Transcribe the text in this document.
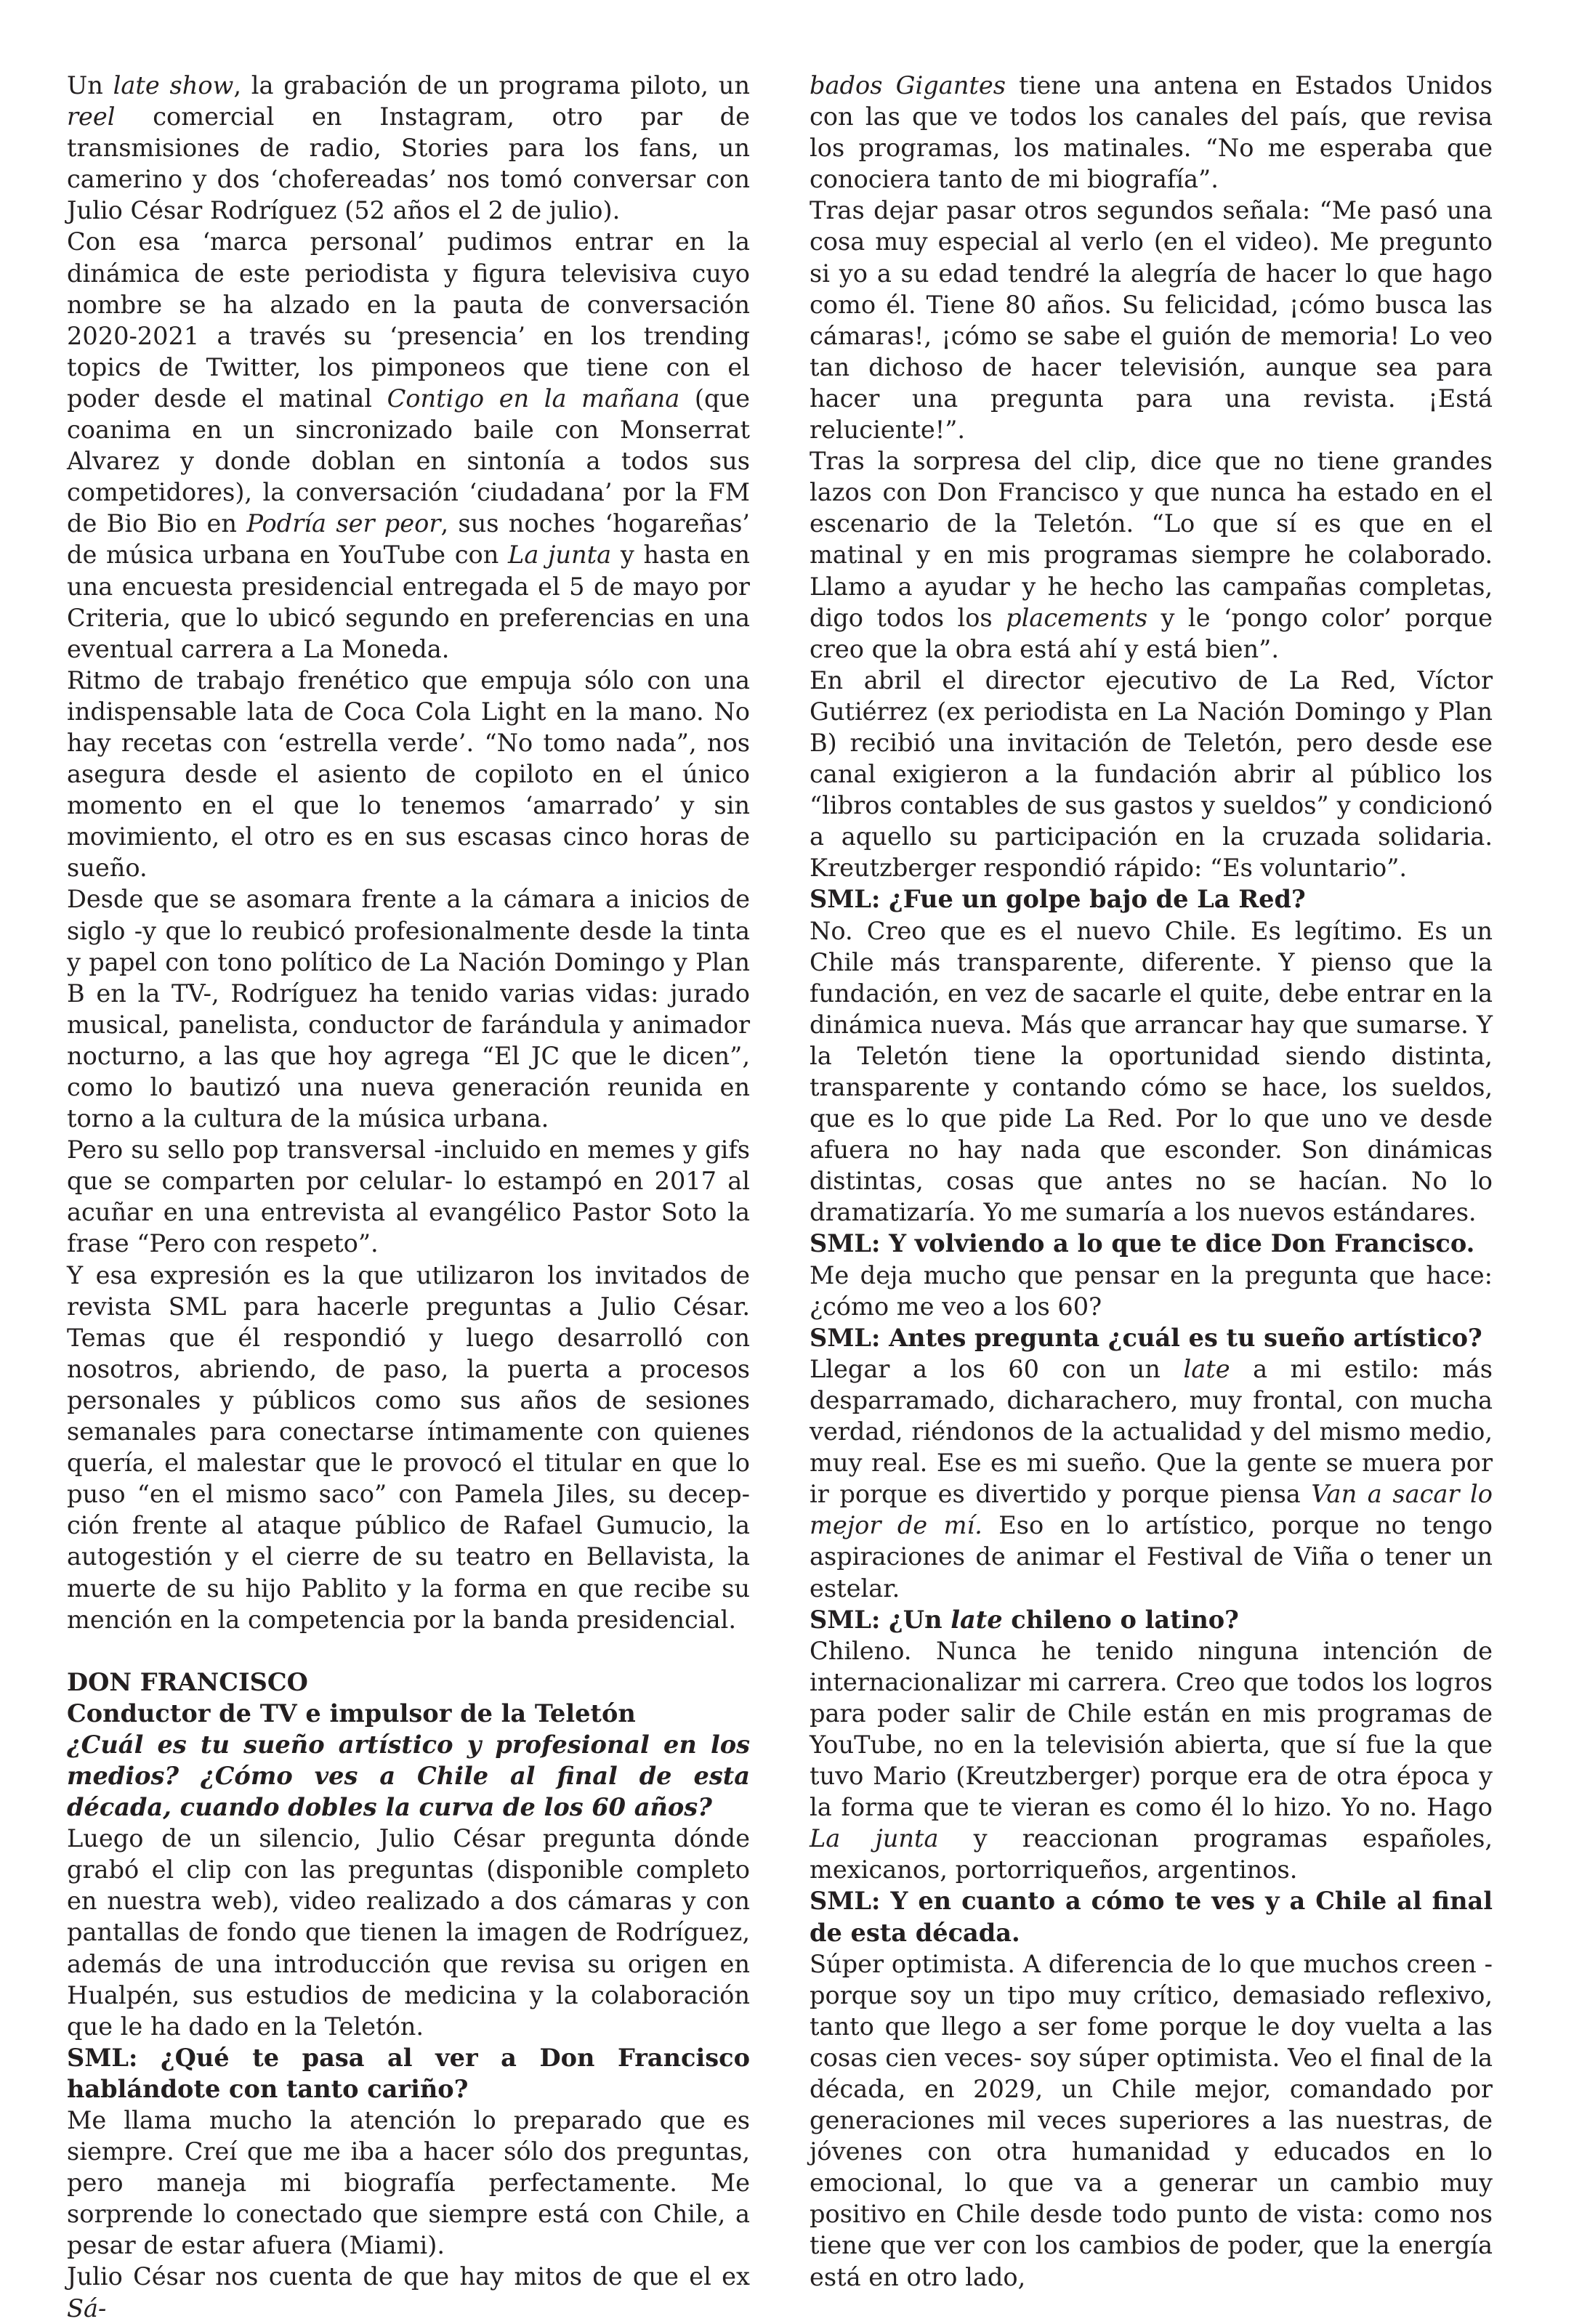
Un late show, la grabación de un programa piloto, un reel comercial en Instagram, otro par de transmisiones de radio, Stories para los fans, un camerino y dos ‘chofereadas’ nos tomó conversar con Julio César Rodríguez (52 años el 2 de julio).

Con esa ‘marca personal’ pudimos entrar en la dinámica de este periodista y figura televisiva cuyo nombre se ha alzado en la pauta de conversación 2020-2021 a través su ‘presencia’ en los trending topics de Twitter, los pimponeos que tiene con el poder desde el matinal Contigo en la mañana (que coanima en un sincronizado baile con Monserrat Alvarez y donde doblan en sintonía a todos sus competidores), la conversación ‘ciudadana’ por la FM de Bio Bio en Podría ser peor, sus noches ‘hogareñas’ de música urbana en YouTube con La junta y hasta en una encuesta presidencial entregada el 5 de mayo por Criteria, que lo ubicó segundo en preferencias en una eventual carrera a La Moneda.

Ritmo de trabajo frenético que empuja sólo con una indispensable lata de Coca Cola Light en la mano. No hay recetas con ‘estrella verde’. “No tomo nada”, nos asegura desde el asiento de copiloto en el único momento en el que lo tenemos ‘amarrado’ y sin movimiento, el otro es en sus escasas cinco horas de sueño.

Desde que se asomara frente a la cámara a inicios de siglo -y que lo reubicó profesionalmente desde la tinta y papel con tono político de La Nación Domingo y Plan B en la TV-, Rodríguez ha tenido varias vidas: jurado musical, panelista, conductor de farándula y animador nocturno, a las que hoy agrega “El JC que le dicen”, como lo bautizó una nueva generación reunida en torno a la cultura de la música urbana.

Pero su sello pop transversal -incluido en memes y gifs que se comparten por celular- lo estampó en 2017 al acuñar en una entrevista al evangélico Pastor Soto la frase “Pero con respeto”.

Y esa expresión es la que utilizaron los invitados de revista SML para hacerle preguntas a Julio César. Temas que él respondió y luego desarrolló con nosotros, abriendo, de paso, la puerta a procesos personales y públicos como sus años de sesiones semanales para conectarse íntimamente con quienes quería, el malestar que le provocó el titular en que lo puso “en el mismo saco” con Pamela Jiles, su decepción frente al ataque público de Rafael Gumucio, la autogestión y el cierre de su teatro en Bellavista, la muerte de su hijo Pablito y la forma en que recibe su mención en la competencia por la banda presidencial.

DON FRANCISCO

Conductor de TV e impulsor de la Teletón

¿Cuál es tu sueño artístico y profesional en los medios? ¿Cómo ves a Chile al final de esta década, cuando dobles la curva de los 60 años?

Luego de un silencio, Julio César pregunta dónde grabó el clip con las preguntas (disponible completo en nuestra web), video realizado a dos cámaras y con pantallas de fondo que tienen la imagen de Rodríguez, además de una introducción que revisa su origen en Hualpén, sus estudios de medicina y la colaboración que le ha dado en la Teletón.

SML: ¿Qué te pasa al ver a Don Francisco hablándote con tanto cariño?

Me llama mucho la atención lo preparado que es siempre. Creí que me iba a hacer sólo dos preguntas, pero maneja mi biografía perfectamente. Me sorprende lo conectado que siempre está con Chile, a pesar de estar afuera (Miami).

Julio César nos cuenta de que hay mitos de que el ex Sá-

bados Gigantes tiene una antena en Estados Unidos con las que ve todos los canales del país, que revisa los programas, los matinales. “No me esperaba que conociera tanto de mi biografía”.

Tras dejar pasar otros segundos señala: “Me pasó una cosa muy especial al verlo (en el video). Me pregunto si yo a su edad tendré la alegría de hacer lo que hago como él. Tiene 80 años. Su felicidad, ¡cómo busca las cámaras!, ¡cómo se sabe el guión de memoria! Lo veo tan dichoso de hacer televisión, aunque sea para hacer una pregunta para una revista. ¡Está reluciente!”.

Tras la sorpresa del clip, dice que no tiene grandes lazos con Don Francisco y que nunca ha estado en el escenario de la Teletón. “Lo que sí es que en el matinal y en mis programas siempre he colaborado. Llamo a ayudar y he hecho las campañas completas, digo todos los placements y le ‘pongo color’ porque creo que la obra está ahí y está bien”.

En abril el director ejecutivo de La Red, Víctor Gutiérrez (ex periodista en La Nación Domingo y Plan B) recibió una invitación de Teletón, pero desde ese canal exigieron a la fundación abrir al público los “libros contables de sus gastos y sueldos” y condicionó a aquello su participación en la cruzada solidaria. Kreutzberger respondió rápido: “Es voluntario”.

SML: ¿Fue un golpe bajo de La Red?

No. Creo que es el nuevo Chile. Es legítimo. Es un Chile más transparente, diferente. Y pienso que la fundación, en vez de sacarle el quite, debe entrar en la dinámica nueva. Más que arrancar hay que sumarse. Y la Teletón tiene la oportunidad siendo distinta, transparente y contando cómo se hace, los sueldos, que es lo que pide La Red. Por lo que uno ve desde afuera no hay nada que esconder. Son dinámicas distintas, cosas que antes no se hacían. No lo dramatizaría. Yo me sumaría a los nuevos estándares.

SML: Y volviendo a lo que te dice Don Francisco.

Me deja mucho que pensar en la pregunta que hace: ¿cómo me veo a los 60?

SML: Antes pregunta ¿cuál es tu sueño artístico?

Llegar a los 60 con un late a mi estilo: más desparramado, dicharachero, muy frontal, con mucha verdad, riéndonos de la actualidad y del mismo medio, muy real. Ese es mi sueño. Que la gente se muera por ir porque es divertido y porque piensa Van a sacar lo mejor de mí. Eso en lo artístico, porque no tengo aspiraciones de animar el Festival de Viña o tener un estelar.

SML: ¿Un late chileno o latino?

Chileno. Nunca he tenido ninguna intención de internacionalizar mi carrera. Creo que todos los logros para poder salir de Chile están en mis programas de YouTube, no en la televisión abierta, que sí fue la que tuvo Mario (Kreutzberger) porque era de otra época y la forma que te vieran es como él lo hizo. Yo no. Hago La junta y reaccionan programas españoles, mexicanos, portorriqueños, argentinos.

SML: Y en cuanto a cómo te ves y a Chile al final de esta década.

Súper optimista. A diferencia de lo que muchos creen -porque soy un tipo muy crítico, demasiado reflexivo, tanto que llego a ser fome porque le doy vuelta a las cosas cien veces- soy súper optimista. Veo el final de la década, en 2029, un Chile mejor, comandado por generaciones mil veces superiores a las nuestras, de jóvenes con otra humanidad y educados en lo emocional, lo que va a generar un cambio muy positivo en Chile desde todo punto de vista: como nos tiene que ver con los cambios de poder, que la energía está en otro lado,
